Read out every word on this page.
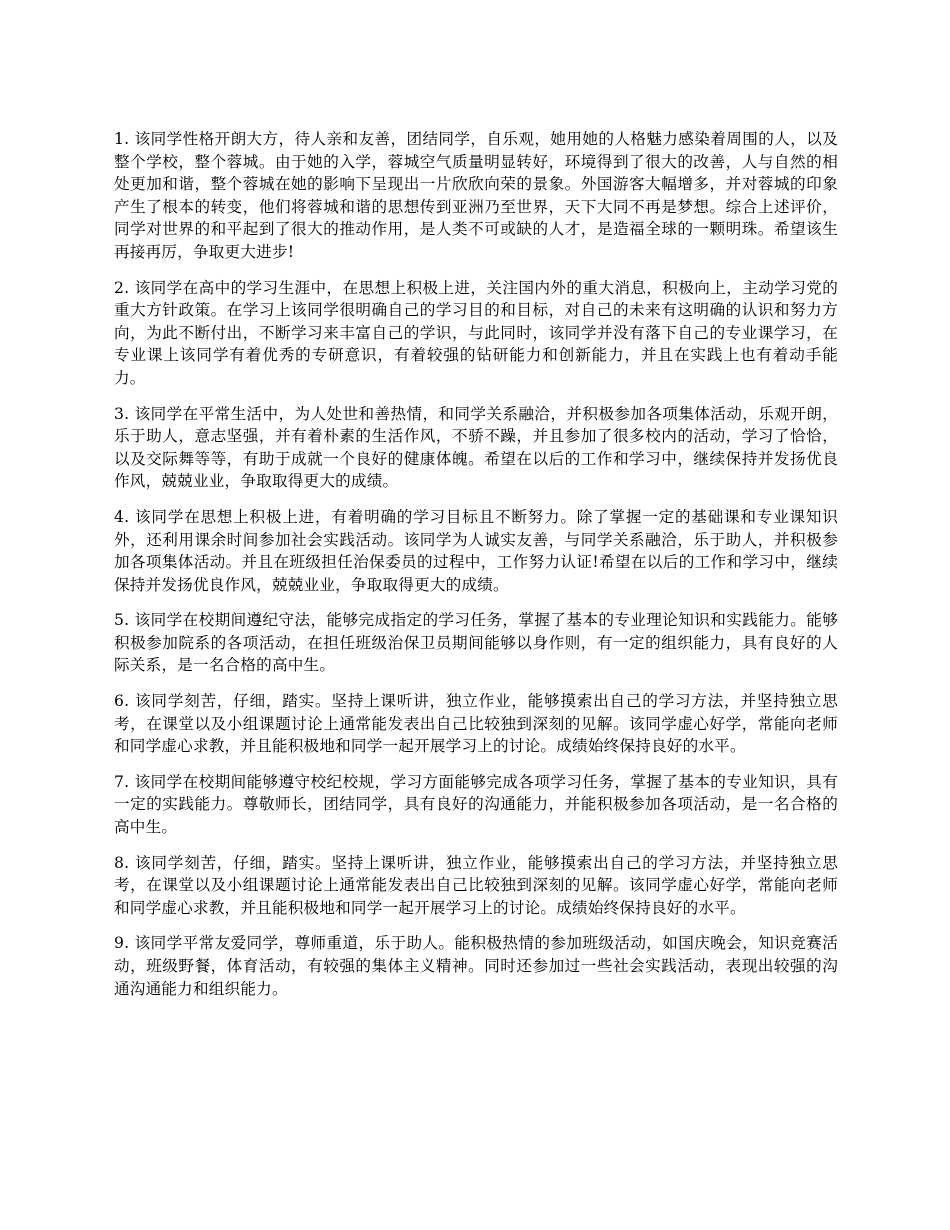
1. 该同学性格开朗大方，待人亲和友善，团结同学，自乐观，她用她的人格魅力感染着周围的人，以及整个学校，整个蓉城。由于她的入学，蓉城空气质量明显转好，环境得到了很大的改善，人与自然的相处更加和谐，整个蓉城在她的影响下呈现出一片欣欣向荣的景象。外国游客大幅增多，并对蓉城的印象产生了根本的转变，他们将蓉城和谐的思想传到亚洲乃至世界，天下大同不再是梦想。综合上述评价，同学对世界的和平起到了很大的推动作用，是人类不可或缺的人才，是造福全球的一颗明珠。希望该生再接再厉，争取更大进步!

2. 该同学在高中的学习生涯中，在思想上积极上进，关注国内外的重大消息，积极向上，主动学习党的重大方针政策。在学习上该同学很明确自己的学习目的和目标，对自己的未来有这明确的认识和努力方向，为此不断付出，不断学习来丰富自己的学识，与此同时，该同学并没有落下自己的专业课学习，在专业课上该同学有着优秀的专研意识，有着较强的钻研能力和创新能力，并且在实践上也有着动手能力。

3. 该同学在平常生活中，为人处世和善热情，和同学关系融洽，并积极参加各项集体活动，乐观开朗，乐于助人，意志坚强，并有着朴素的生活作风，不骄不躁，并且参加了很多校内的活动，学习了恰恰，以及交际舞等等，有助于成就一个良好的健康体魄。希望在以后的工作和学习中，继续保持并发扬优良作风，兢兢业业，争取取得更大的成绩。

4. 该同学在思想上积极上进，有着明确的学习目标且不断努力。除了掌握一定的基础课和专业课知识外，还利用课余时间参加社会实践活动。该同学为人诚实友善，与同学关系融洽，乐于助人，并积极参加各项集体活动。并且在班级担任治保委员的过程中，工作努力认证!希望在以后的工作和学习中，继续保持并发扬优良作风，兢兢业业，争取取得更大的成绩。

5. 该同学在校期间遵纪守法，能够完成指定的学习任务，掌握了基本的专业理论知识和实践能力。能够积极参加院系的各项活动，在担任班级治保卫员期间能够以身作则，有一定的组织能力，具有良好的人际关系，是一名合格的高中生。

6. 该同学刻苦，仔细，踏实。坚持上课听讲，独立作业，能够摸索出自己的学习方法，并坚持独立思考，在课堂以及小组课题讨论上通常能发表出自己比较独到深刻的见解。该同学虚心好学，常能向老师和同学虚心求教，并且能积极地和同学一起开展学习上的讨论。成绩始终保持良好的水平。

7. 该同学在校期间能够遵守校纪校规，学习方面能够完成各项学习任务，掌握了基本的专业知识，具有一定的实践能力。尊敬师长，团结同学，具有良好的沟通能力，并能积极参加各项活动，是一名合格的高中生。

8. 该同学刻苦，仔细，踏实。坚持上课听讲，独立作业，能够摸索出自己的学习方法，并坚持独立思考，在课堂以及小组课题讨论上通常能发表出自己比较独到深刻的见解。该同学虚心好学，常能向老师和同学虚心求教，并且能积极地和同学一起开展学习上的讨论。成绩始终保持良好的水平。

9. 该同学平常友爱同学，尊师重道，乐于助人。能积极热情的参加班级活动，如国庆晚会，知识竞赛活动，班级野餐，体育活动，有较强的集体主义精神。同时还参加过一些社会实践活动，表现出较强的沟通沟通能力和组织能力。
